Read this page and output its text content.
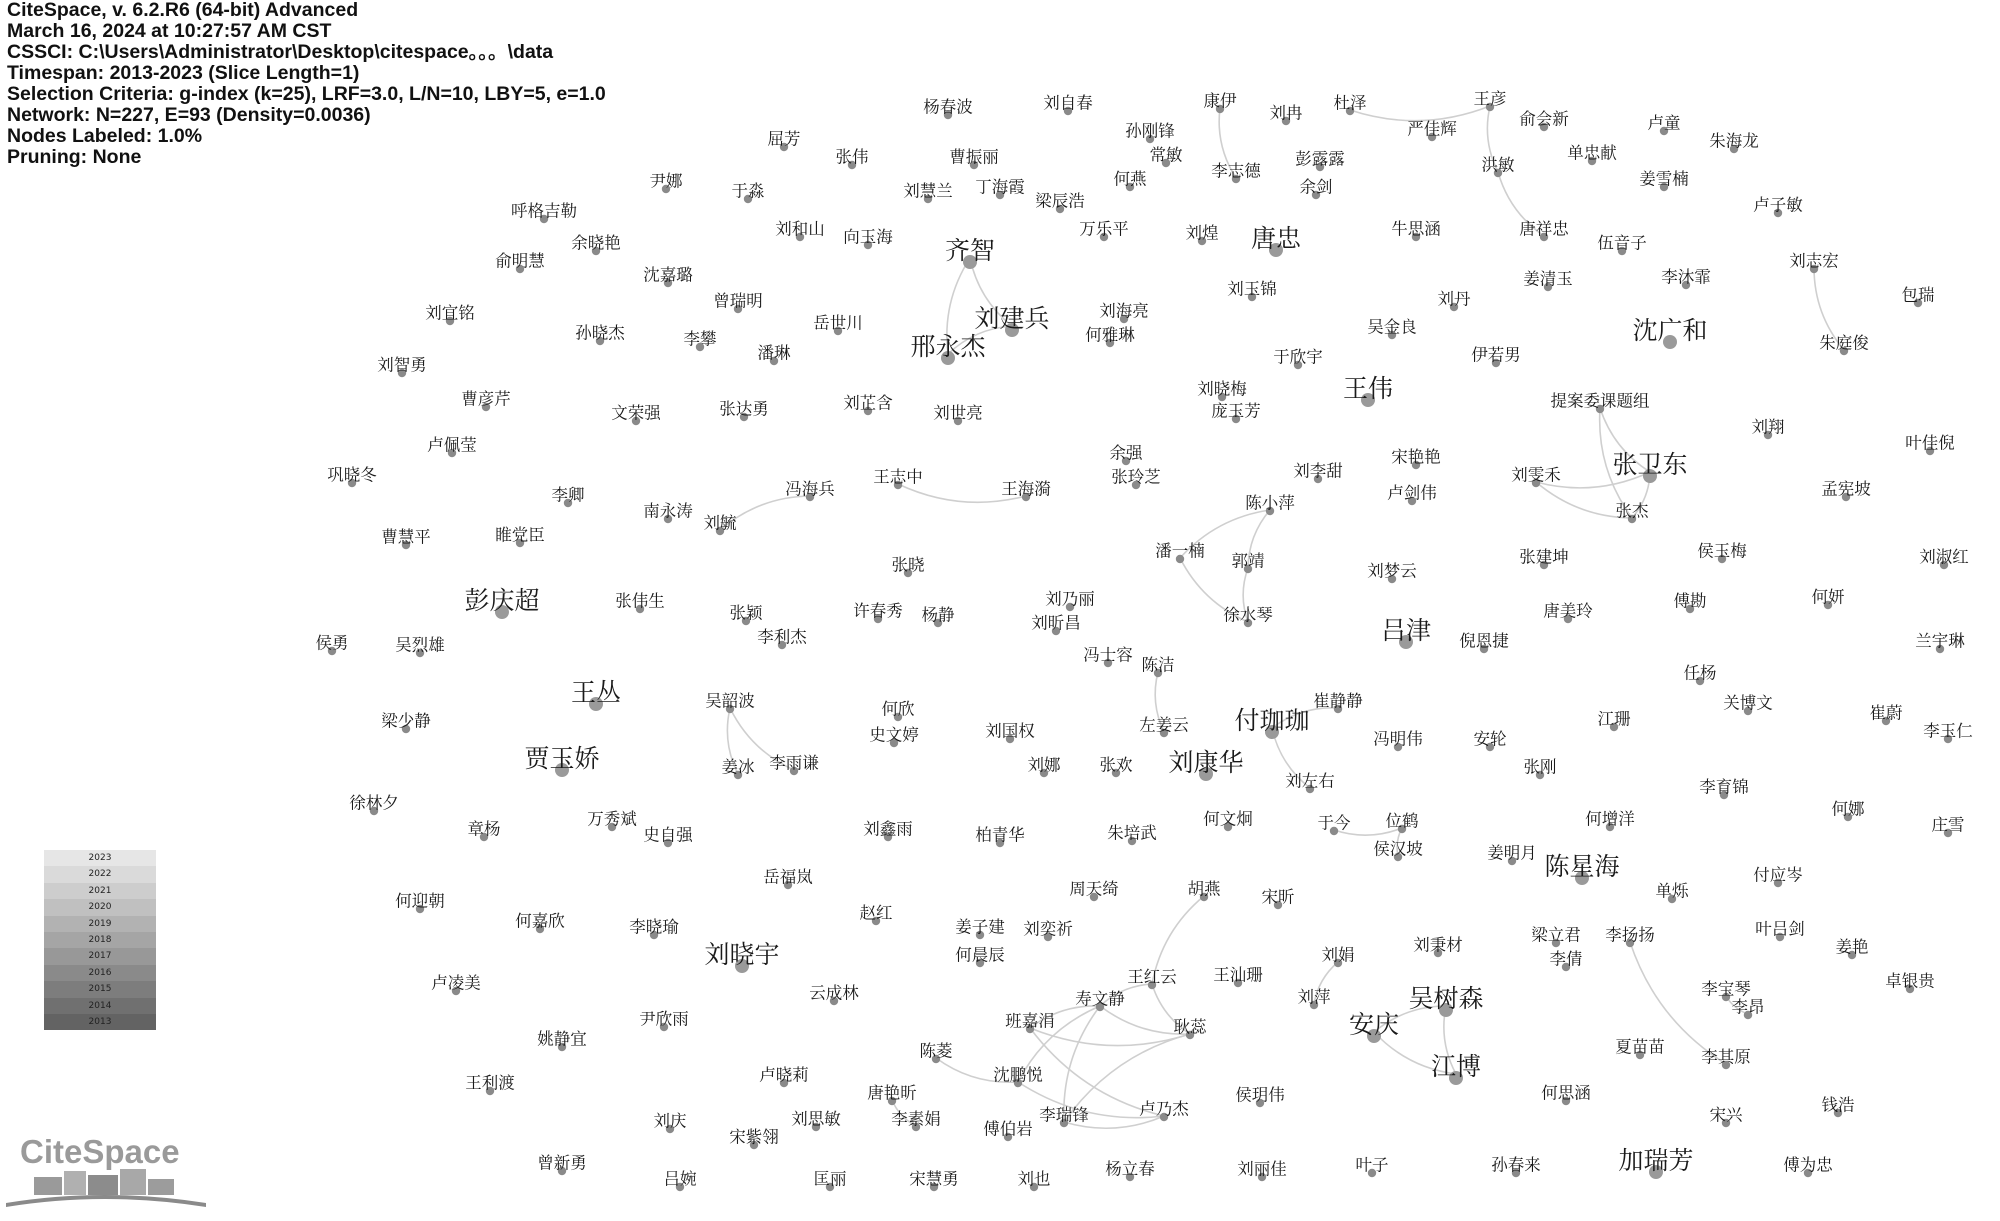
杨春波	刘自春	康伊
刘冉
杜泽	王彦
俞会新	卢童
朱海龙
严佳辉
屈芳	孙刚锋
常敏
张伟	曹振丽	单忠献
尹娜
李志德
彭露露	洪敏
姜雪楠
于淼	刘慧兰 丁海霞	何燕	余剑
梁辰浩	卢子敏
呼格吉勒
余晓艳
刘和山 向玉海	万乐平	刘煌 唐忠	牛思涵	唐祥忠
伍音子
刘志宏
俞明慧	齐智
沈嘉璐
曾瑞明
刘玉锦
姜清玉	李沐霏
包瑞
刘宜铭
岳世川	刘建兵	刘海亮
刘丹
孙晓杰	李攀	何雅琳	吴金良	沈广和
刘智勇
潘琳	邢永杰	于欣宇	伊若男
朱庭俊
曹彦芹
文荣强	张达勇	刘芷含
刘世亮
刘晓梅	王伟	提案委课题组
庞玉芳
卢佩莹
刘翔
叶佳倪
余强	宋艳艳
巩晓冬	王志中
冯海兵	王海漪
张玲芝	刘李甜	刘雯禾 张卫东
孟宪坡
李卿	卢剑伟
陈小萍
南永涛
刘毓
张杰
曹慧平	睢党臣
潘一楠
郭靖	刘淑红
侯玉梅
张建坤
张晓	刘梦云
彭庆超	张伟生	刘乃丽	傅勘	何妍
许春秀 杨静
张颖	徐水琴	唐美玲
刘昕昌	吕津 倪恩捷
侯勇	吴烈雄	李利杰	兰宇琳
冯士容
陈洁	任杨
王丛	吴韶波	崔静静
何欣	关博文
付珈珈	江珊	崔蔚
梁少静	左姜云
史文婷	刘国权	冯明伟	安轮	李玉仁
贾玉娇	姜冰 李雨谦	刘娜 张欢 刘康华	张刚
刘左右	李育锦
徐林夕	何娜
万秀斌
章杨	史自强
何文炯	于今 位鹤	何增洋	庄雪
刘鑫雨	柏青华	朱培武
侯汉坡	姜明月 陈星海	付应岑
岳福岚
周天绮	胡燕	单烁
何迎朝	宋昕
赵红
叶吕剑
何嘉欣	李晓瑜	姜子建 刘奕祈	梁立君 李扬扬
刘晓宇	何晨辰	刘娟
刘秉材
李倩
姜艳
王红云 王汕珊	卓银贵
卢凌美
云成林	寿文静	刘萍	吴树森	李宝琴
李昂
尹欣雨	班嘉涓	耿蕊	安庆
姚静宜	夏苗苗
陈菱	李其原
江博
卢晓莉	沈鹏悦
王利渡
唐艳昕	侯玥伟	何思涵
卢乃杰	钱浩
刘庆	刘思敏	李素娟	李瑞锋	宋兴
宋紫翎	傅伯岩
曾新勇	杨立春	刘丽佳	叶子	孙春来	加瑞芳	傅为忠
吕婉	匡丽	宋慧勇	刘也
CiteSpace, v. 6.2.R6 (64-bit) Advanced
March 16, 2024 at 10:27:57 AM CST
CSSCI: C:\Users\Administrator\Desktop\citespace。。。\data
Timespan: 2013-2023 (Slice Length=1)
Selection Criteria: g-index (k=25), LRF=3.0, L/N=10, LBY=5, e=1.0
Network: N=227, E=93 (Density=0.0036)
Nodes Labeled: 1.0%
Pruning: None
2023
2022
2021
2020
2019
2018
2017
2016
2015
2014
2013
CiteSpace
